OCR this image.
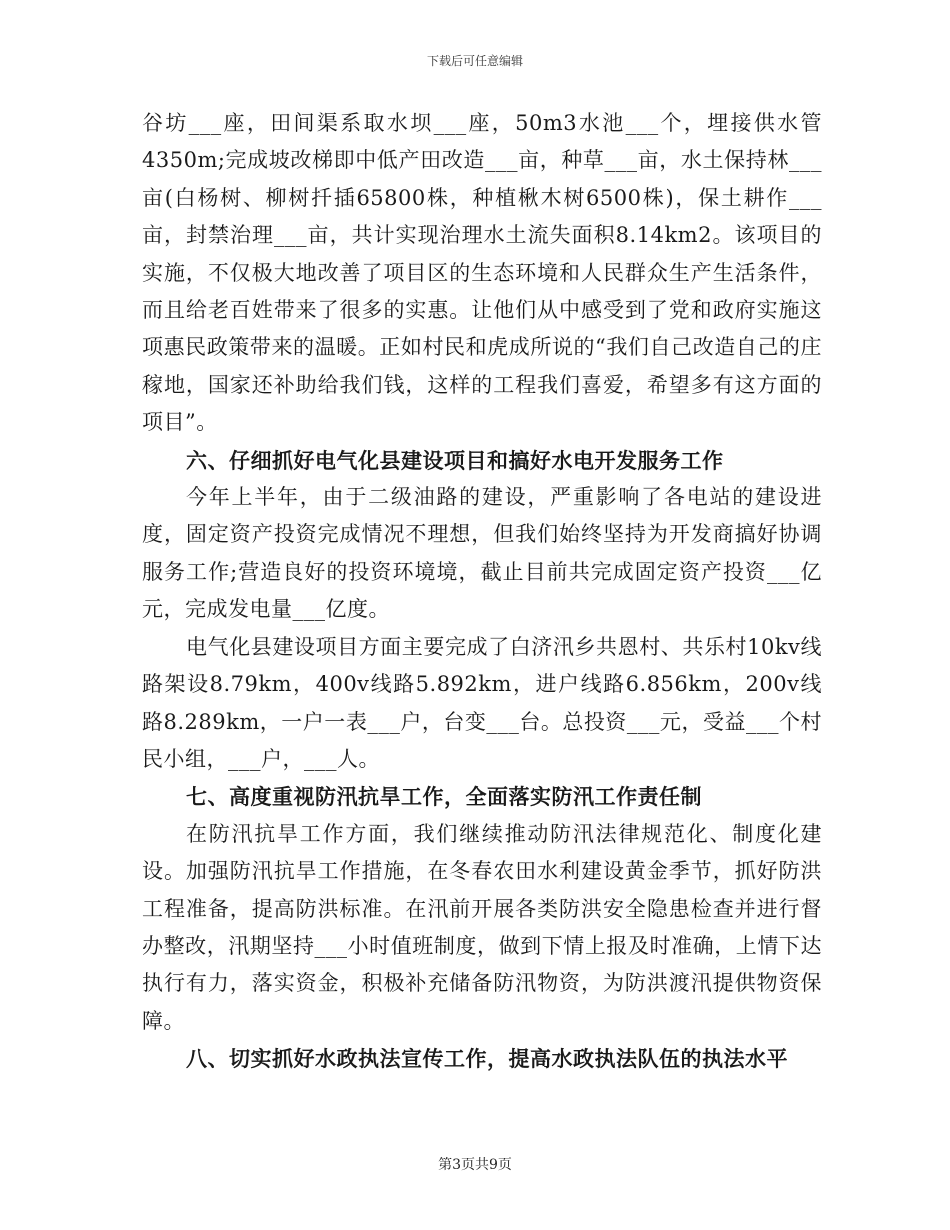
下载后可任意编辑

谷坊___座，田间渠系取水坝___座，50m3水池___个，埋接供水管4350m;完成坡改梯即中低产田改造___亩，种草___亩，水土保持林___亩(白杨树、柳树扦插65800株，种植楸木树6500株)，保土耕作___亩，封禁治理___亩，共计实现治理水土流失面积8.14km2。该项目的实施，不仅极大地改善了项目区的生态环境和人民群众生产生活条件，而且给老百姓带来了很多的实惠。让他们从中感受到了党和政府实施这项惠民政策带来的温暖。正如村民和虎成所说的“我们自己改造自己的庄稼地，国家还补助给我们钱，这样的工程我们喜爱，希望多有这方面的项目”。

六、仔细抓好电气化县建设项目和搞好水电开发服务工作

今年上半年，由于二级油路的建设，严重影响了各电站的建设进度，固定资产投资完成情况不理想，但我们始终坚持为开发商搞好协调服务工作;营造良好的投资环境境，截止目前共完成固定资产投资___亿元，完成发电量___亿度。

电气化县建设项目方面主要完成了白济汛乡共恩村、共乐村10kv线路架设8.79km，400v线路5.892km，进户线路6.856km，200v线路8.289km，一户一表___户，台变___台。总投资___元，受益___个村民小组，___户，___人。

七、高度重视防汛抗旱工作，全面落实防汛工作责任制

在防汛抗旱工作方面，我们继续推动防汛法律规范化、制度化建设。加强防汛抗旱工作措施，在冬春农田水利建设黄金季节，抓好防洪工程准备，提高防洪标准。在汛前开展各类防洪安全隐患检查并进行督办整改，汛期坚持___小时值班制度，做到下情上报及时准确，上情下达执行有力，落实资金，积极补充储备防汛物资，为防洪渡汛提供物资保障。

八、切实抓好水政执法宣传工作，提高水政执法队伍的执法水平

第3页共9页
